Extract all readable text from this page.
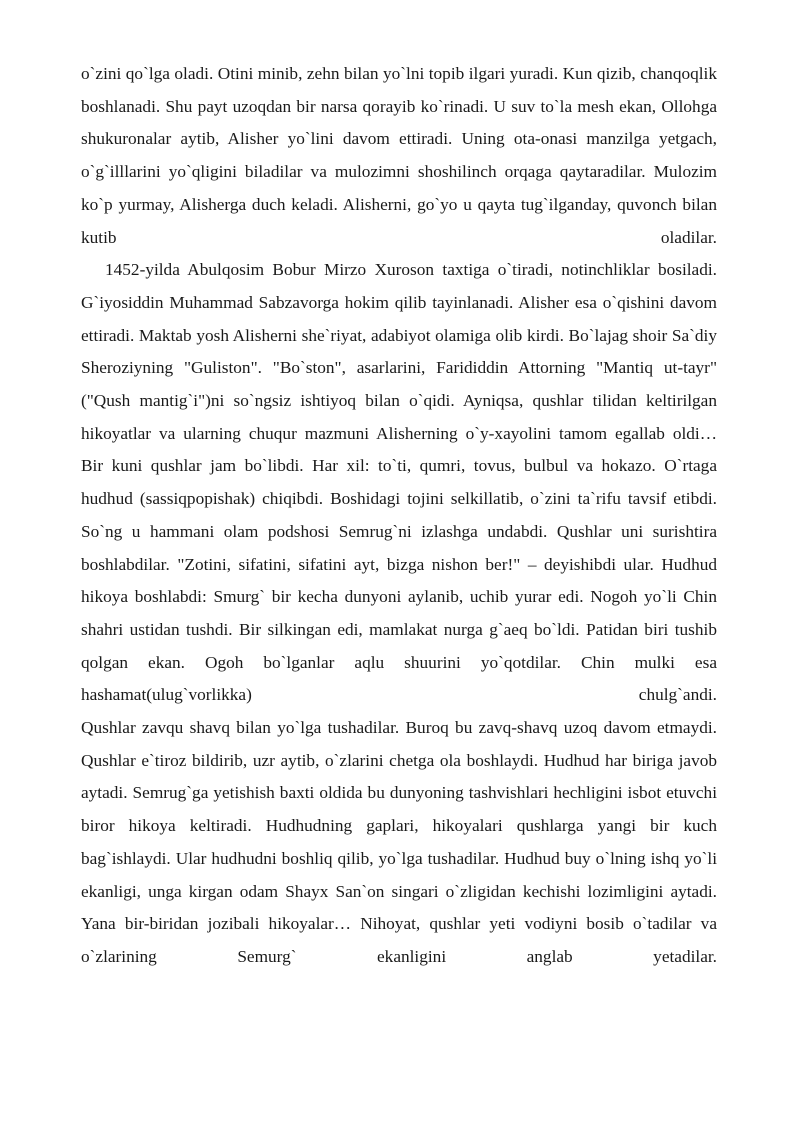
o`zini qo`lga oladi. Otini minib, zehn bilan yo`lni topib ilgari yuradi. Kun qizib, chanqoqlik boshlanadi. Shu payt uzoqdan bir narsa qorayib ko`rinadi. U suv to`la mesh ekan, Ollohga shukuronalar aytib, Alisher yo`lini davom ettiradi. Uning ota-onasi manzilga yetgach, o`g`illlarini yo`qligini biladilar va mulozimni shoshilinch orqaga qaytaradilar. Mulozim ko`p yurmay, Alisherga duch keladi. Alisherni, go`yo u qayta tug`ilganday, quvonch bilan kutib oladilar.

1452-yilda Abulqosim Bobur Mirzo Xuroson taxtiga o`tiradi, notinchliklar bosiladi. G`iyosiddin Muhammad Sabzavorga hokim qilib tayinlanadi. Alisher esa o`qishini davom ettiradi. Maktab yosh Alisherni she`riyat, adabiyot olamiga olib kirdi. Bo`lajag shoir Sa`diy Sheroziyning "Guliston". "Bo`ston", asarlarini, Farididdin Attorning "Mantiq ut-tayr"("Qush mantig`i")ni so`ngsiz ishtiyoq bilan o`qidi. Ayniqsa, qushlar tilidan keltirilgan hikoyatlar va ularning chuqur mazmuni Alisherning o`y-xayolini tamom egallab oldi…

Bir kuni qushlar jam bo`libdi. Har xil: to`ti, qumri, tovus, bulbul va hokazo. O`rtaga hudhud (sassiqpopishak) chiqibdi. Boshidagi tojini selkillatib, o`zini ta`rifu tavsif etibdi. So`ng u hammani olam podshosi Semrug`ni izlashga undabdi. Qushlar uni surishtira boshlabdilar. "Zotini, sifatini, sifatini ayt, bizga nishon ber!" – deyishibdi ular. Hudhud hikoya boshlabdi: Smurg` bir kecha dunyoni aylanib, uchib yurar edi. Nogoh yo`li Chin shahri ustidan tushdi. Bir silkingan edi, mamlakat nurga g`aeq bo`ldi. Patidan biri tushib qolgan ekan. Ogoh bo`lganlar aqlu shuurini yo`qotdilar. Chin mulki esa hashamat(ulug`vorlikka) chulg`andi.

Qushlar zavqu shavq bilan yo`lga tushadilar. Buroq bu zavq-shavq uzoq davom etmaydi. Qushlar e`tiroz bildirib, uzr aytib, o`zlarini chetga ola boshlaydi. Hudhud har biriga javob aytadi. Semrug`ga yetishish baxti oldida bu dunyoning tashvishlari hechligini isbot etuvchi biror hikoya keltiradi. Hudhudning gaplari, hikoyalari qushlarga yangi bir kuch bag`ishlaydi. Ular hudhudni boshliq qilib, yo`lga tushadilar. Hudhud buy o`lning ishq yo`li ekanligi, unga kirgan odam Shayx San`on singari o`zligidan kechishi lozimligini aytadi. Yana bir-biridan jozibali hikoyalar… Nihoyat, qushlar yeti vodiyni bosib o`tadilar va o`zlarining Semurg` ekanligini anglab yetadilar.
